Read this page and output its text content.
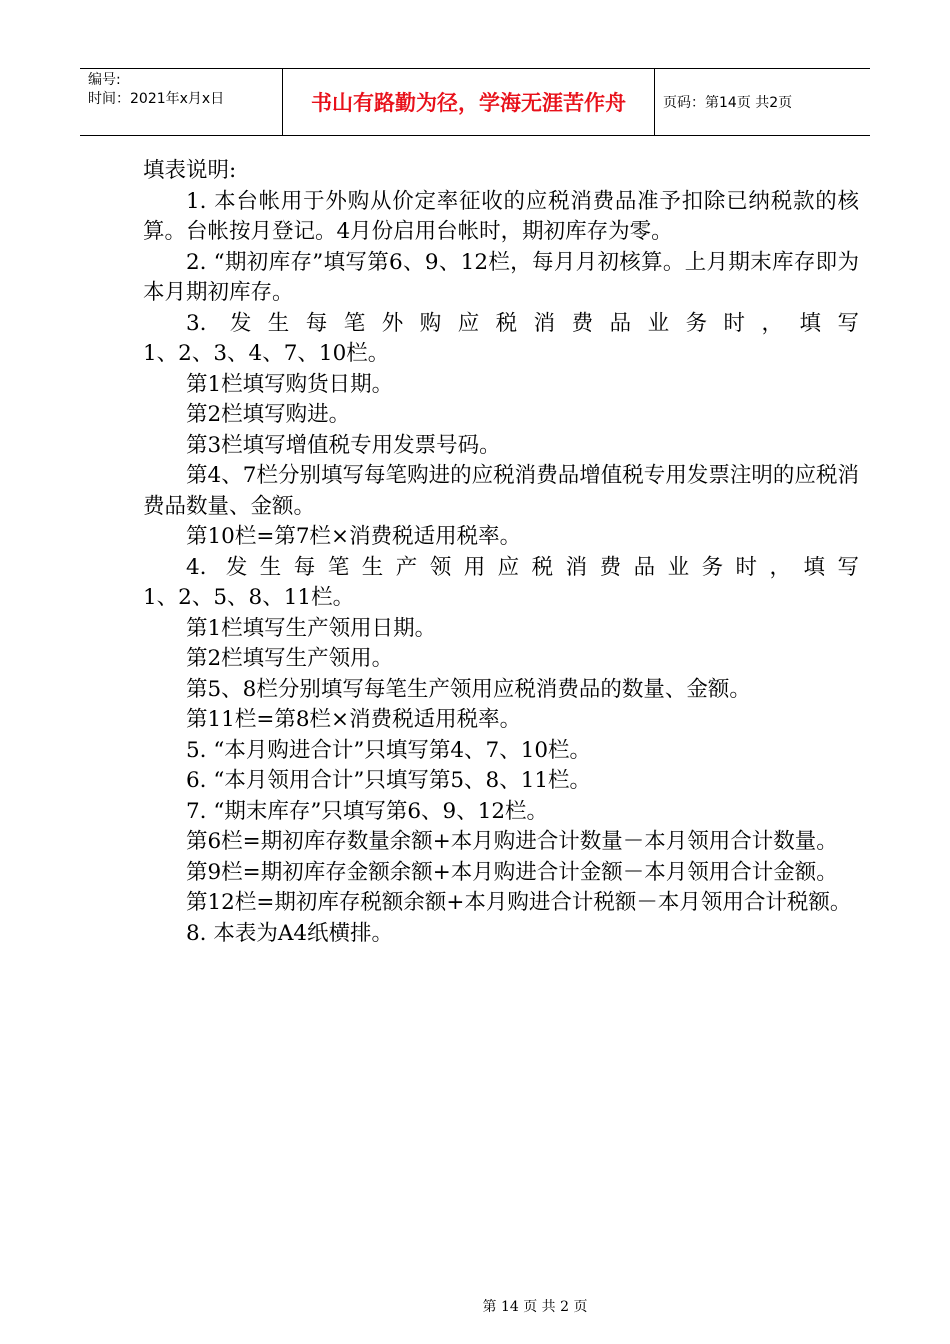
编号:
时间：2021年x月x日	书山有路勤为径，学海无涯苦作舟	页码：第14页 共2页

填表说明:

1. 本台帐用于外购从价定率征收的应税消费品准予扣除已纳税款的核算。台帐按月登记。4月份启用台帐时，期初库存为零。

2. “期初库存”填写第6、9、12栏，每月月初核算。上月期末库存即为本月期初库存。

3. 发生每笔外购应税消费品业务时，填写

1、2、3、4、7、10栏。

第1栏填写购货日期。

第2栏填写购进。

第3栏填写增值税专用发票号码。

第4、7栏分别填写每笔购进的应税消费品增值税专用发票注明的应税消费品数量、金额。

第10栏=第7栏×消费税适用税率。

4. 发生每笔生产领用应税消费品业务时，填写

1、2、5、8、11栏。

第1栏填写生产领用日期。

第2栏填写生产领用。

第5、8栏分别填写每笔生产领用应税消费品的数量、金额。

第11栏=第8栏×消费税适用税率。

5. “本月购进合计”只填写第4、7、10栏。

6. “本月领用合计”只填写第5、8、11栏。

7. “期末库存”只填写第6、9、12栏。

第6栏=期初库存数量余额+本月购进合计数量－本月领用合计数量。

第9栏=期初库存金额余额+本月购进合计金额－本月领用合计金额。

第12栏=期初库存税额余额+本月购进合计税额－本月领用合计税额。

8. 本表为A4纸横排。

第 14 页 共 2 页
